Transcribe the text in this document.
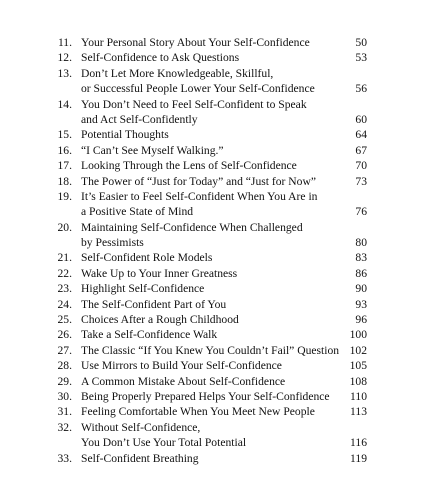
11. Your Personal Story About Your Self-Confidence	50
12. Self-Confidence to Ask Questions	53
13. Don’t Let More Knowledgeable, Skillful,
or Successful People Lower Your Self-Confidence	56
14. You Don’t Need to Feel Self-Confident to Speak
and Act Self-Confidently	60
15. Potential Thoughts	64
16. “I Can’t See Myself Walking.”	67
17. Looking Through the Lens of Self-Confidence	70
18. The Power of “Just for Today” and “Just for Now”	73
19. It’s Easier to Feel Self-Confident When You Are in
a Positive State of Mind	76
20. Maintaining Self-Confidence When Challenged
by Pessimists	80
21. Self-Confident Role Models	83
22. Wake Up to Your Inner Greatness	86
23. Highlight Self-Confidence	90
24. The Self-Confident Part of You	93
25. Choices After a Rough Childhood	96
26. Take a Self-Confidence Walk	100
27. The Classic “If You Knew You Couldn’t Fail” Question 102
28. Use Mirrors to Build Your Self-Confidence	105
29. A Common Mistake About Self-Confidence	108
30. Being Properly Prepared Helps Your Self-Confidence 110
31. Feeling Comfortable When You Meet New People	113
32. Without Self-Confidence,
You Don’t Use Your Total Potential	116
33. Self-Confident Breathing	119
